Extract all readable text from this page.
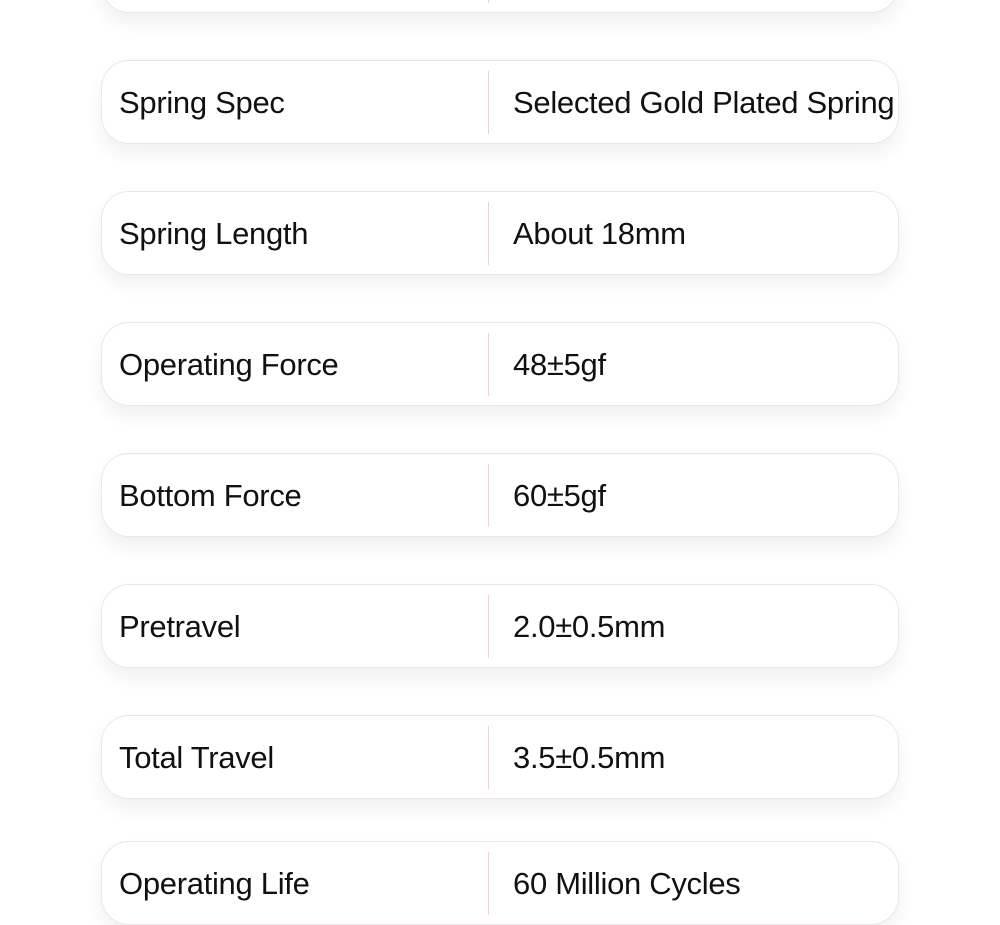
Spring Spec	Selected Gold Plated Spring
Spring Length	About 18mm
Operating Force	48±5gf
Bottom Force	60±5gf
Pretravel	2.0±0.5mm
Total Travel	3.5±0.5mm
Operating Life	60 Million Cycles
